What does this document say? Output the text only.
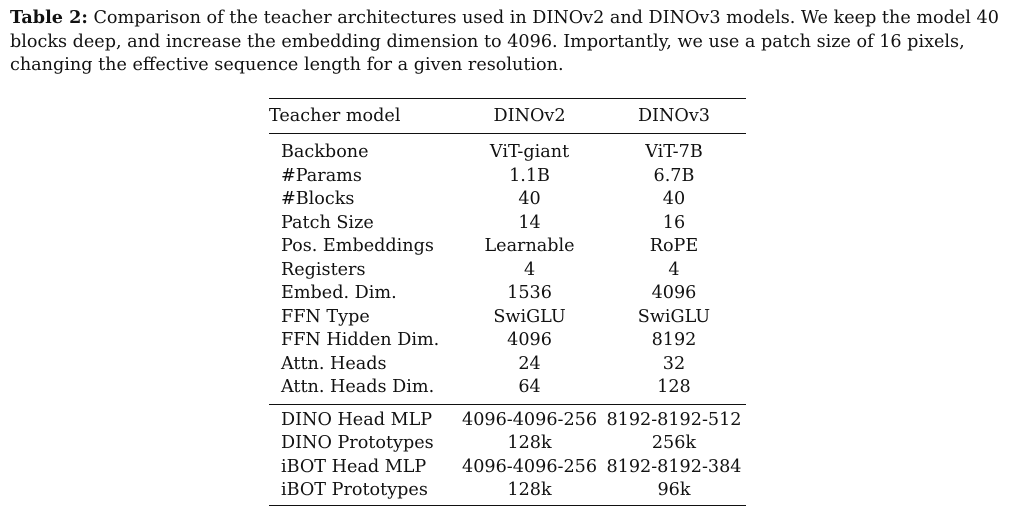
Table 2: Comparison of the teacher architectures used in DINOv2 and DINOv3 models. We keep the model 40 blocks deep, and increase the embedding dimension to 4096. Importantly, we use a patch size of 16 pixels, changing the effective sequence length for a given resolution.

Teacher model	DINOv2	DINOv3
Backbone	ViT-giant	ViT-7B
#Params	1.1B	6.7B
#Blocks	40	40
Patch Size	14	16
Pos. Embeddings	Learnable	RoPE
Registers	4	4
Embed. Dim.	1536	4096
FFN Type	SwiGLU	SwiGLU
FFN Hidden Dim.	4096	8192
Attn. Heads	24	32
Attn. Heads Dim.	64	128
DINO Head MLP	4096-4096-256	8192-8192-512
DINO Prototypes	128k	256k
iBOT Head MLP	4096-4096-256	8192-8192-384
iBOT Prototypes	128k	96k
